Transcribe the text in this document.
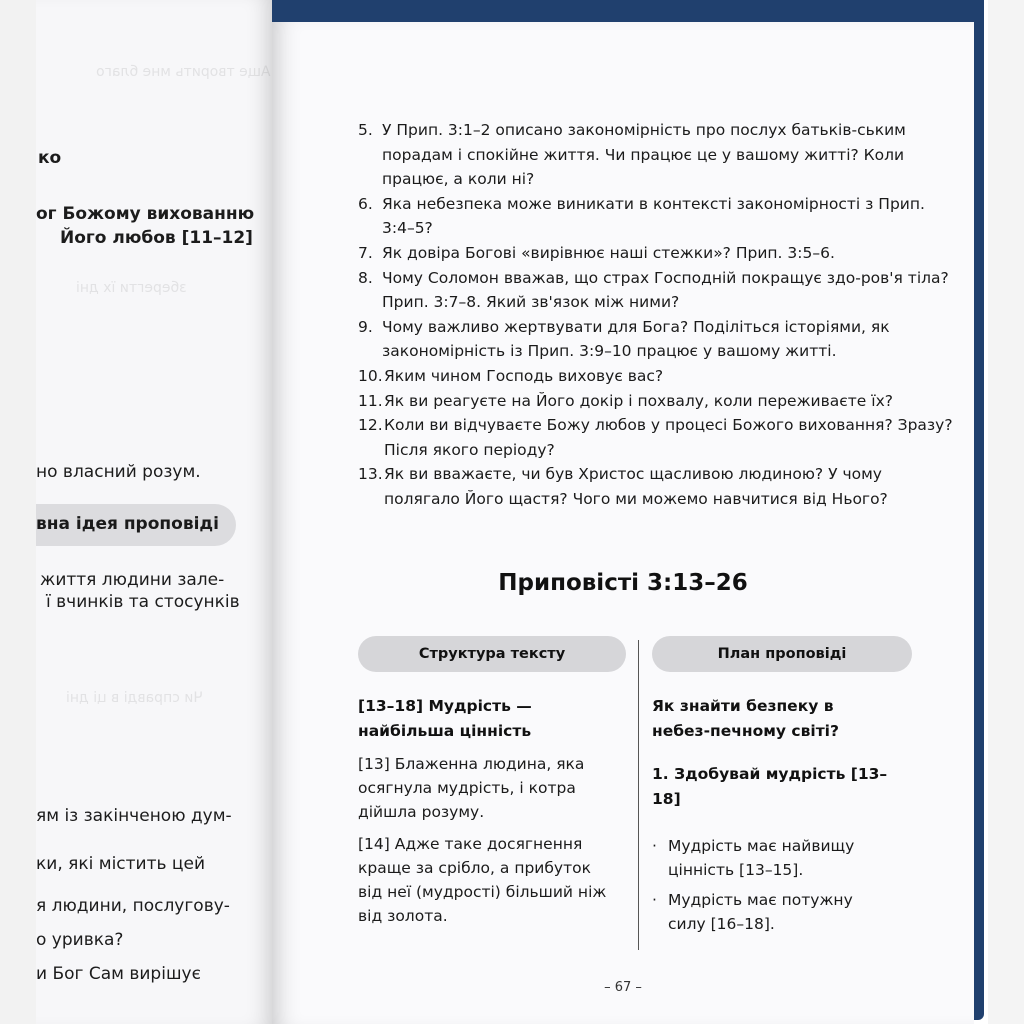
Аще творить мне благо
зберегти їх дні
Чи справді в ці дні
ко
ог Божому вихованню
Його любов [11–12]
но власний розум.
життя людини зале-
ї вчинків та стосунків
ям із закінченою дум-
ки, які містить цей
я людини, послугову-
о уривка?
и Бог Сам вирішує
вна ідея проповіді
5. У Прип. 3:1–2 описано закономірність про послух батьків-ським порадам і спокійне життя. Чи працює це у вашому житті? Коли працює, а коли ні?
6. Яка небезпека може виникати в контексті закономірності з Прип. 3:4–5?
7. Як довіра Богові «вирівнює наші стежки»? Прип. 3:5–6.
8. Чому Соломон вважав, що страх Господній покращує здо-ров'я тіла? Прип. 3:7–8. Який зв'язок між ними?
9. Чому важливо жертвувати для Бога? Поділіться історіями, як закономірність із Прип. 3:9–10 працює у вашому житті.
10. Яким чином Господь виховує вас?
11. Як ви реагуєте на Його докір і похвалу, коли переживаєте їх?
12. Коли ви відчуваєте Божу любов у процесі Божого виховання? Зразу? Після якого періоду?
13. Як ви вважаєте, чи був Христос щасливою людиною? У чому полягало Його щастя? Чого ми можемо навчитися від Нього?
Приповісті 3:13–26
Структура тексту	План проповіді
[13–18] Мудрість — найбільша цінність
[13] Блаженна людина, яка осягнула мудрість, і котра дійшла розуму.
[14] Адже таке досягнення краще за срібло, а прибуток від неї (мудрості) більший ніж від золота.
Як знайти безпеку в небез-печному світі?
1. Здобувай мудрість [13–18]
· Мудрість має найвищу цінність [13–15].
· Мудрість має потужну силу [16–18].
– 67 –
